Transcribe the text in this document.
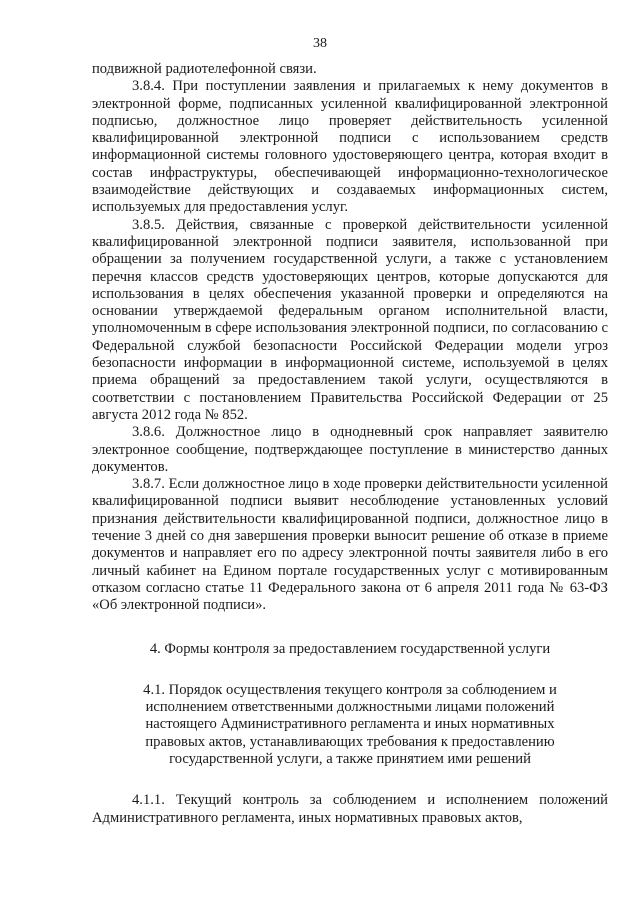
38

подвижной радиотелефонной связи.

3.8.4. При поступлении заявления и прилагаемых к нему документов в электронной форме, подписанных усиленной квалифицированной электронной подписью, должностное лицо проверяет действительность усиленной квалифицированной электронной подписи с использованием средств информационной системы головного удостоверяющего центра, которая входит в состав инфраструктуры, обеспечивающей информационно-технологическое взаимодействие действующих и создаваемых информационных систем, используемых для предоставления услуг.

3.8.5. Действия, связанные с проверкой действительности усиленной квалифицированной электронной подписи заявителя, использованной при обращении за получением государственной услуги, а также с установлением перечня классов средств удостоверяющих центров, которые допускаются для использования в целях обеспечения указанной проверки и определяются на основании утверждаемой федеральным органом исполнительной власти, уполномоченным в сфере использования электронной подписи, по согласованию с Федеральной службой безопасности Российской Федерации модели угроз безопасности информации в информационной системе, используемой в целях приема обращений за предоставлением такой услуги, осуществляются в соответствии с постановлением Правительства Российской Федерации от 25 августа 2012 года № 852.

3.8.6. Должностное лицо в однодневный срок направляет заявителю электронное сообщение, подтверждающее поступление в министерство данных документов.

3.8.7. Если должностное лицо в ходе проверки действительности усиленной квалифицированной подписи выявит несоблюдение установленных условий признания действительности квалифицированной подписи, должностное лицо в течение 3 дней со дня завершения проверки выносит решение об отказе в приеме документов и направляет его по адресу электронной почты заявителя либо в его личный кабинет на Едином портале государственных услуг с мотивированным отказом согласно статье 11 Федерального закона от 6 апреля 2011 года № 63-ФЗ «Об электронной подписи».

4. Формы контроля за предоставлением государственной услуги

4.1. Порядок осуществления текущего контроля за соблюдением и исполнением ответственными должностными лицами положений настоящего Административного регламента и иных нормативных правовых актов, устанавливающих требования к предоставлению государственной услуги, а также принятием ими решений

4.1.1. Текущий контроль за соблюдением и исполнением положений Административного регламента, иных нормативных правовых актов,
